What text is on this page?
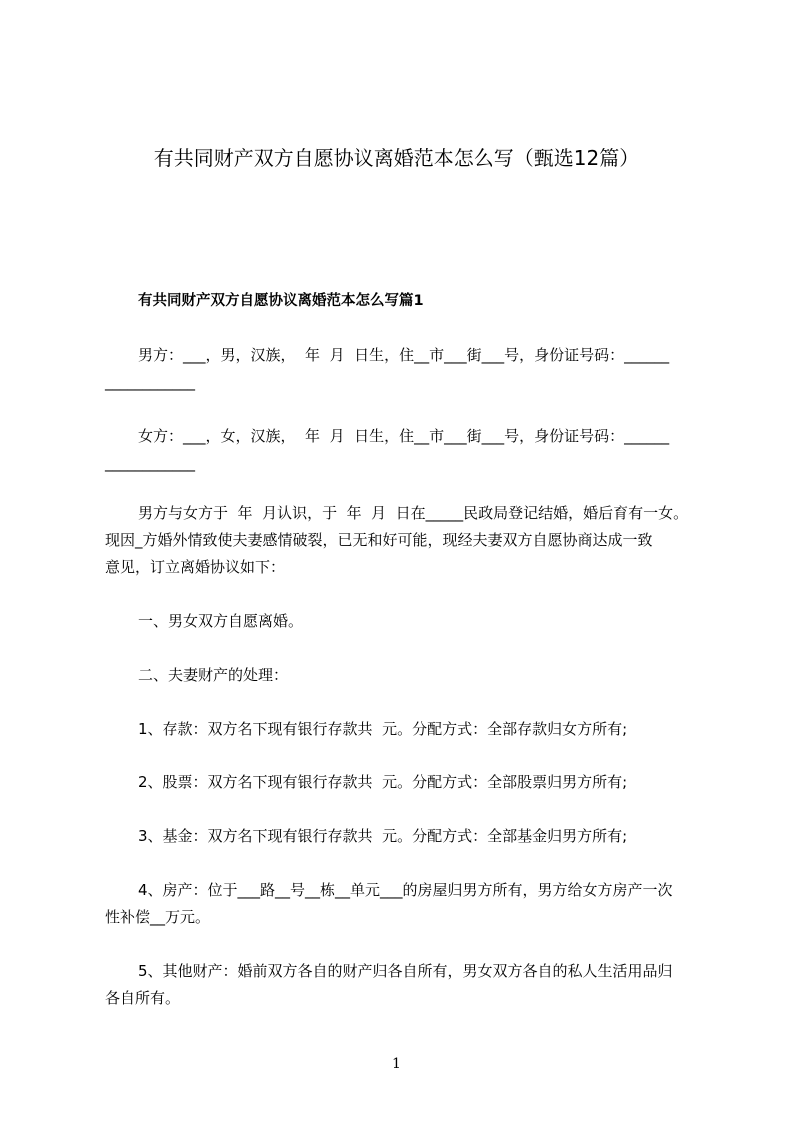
有共同财产双方自愿协议离婚范本怎么写（甄选12篇）
有共同财产双方自愿协议离婚范本怎么写篇1
男方：___，男，汉族，  年  月  日生，住__市___街___号，身份证号码：______
____________
女方：___，女，汉族，  年  月  日生，住__市___街___号，身份证号码：______
____________
男方与女方于  年  月认识，于  年  月  日在_____民政局登记结婚，婚后育有一女。
现因_方婚外情致使夫妻感情破裂，已无和好可能，现经夫妻双方自愿协商达成一致
意见，订立离婚协议如下：
一、男女双方自愿离婚。
二、夫妻财产的处理：
1、存款：双方名下现有银行存款共  元。分配方式：全部存款归女方所有;
2、股票：双方名下现有银行存款共  元。分配方式：全部股票归男方所有;
3、基金：双方名下现有银行存款共  元。分配方式：全部基金归男方所有;
4、房产：位于___路__号__栋__单元___的房屋归男方所有，男方给女方房产一次
性补偿__万元。
5、其他财产：婚前双方各自的财产归各自所有，男女双方各自的私人生活用品归
各自所有。
1
